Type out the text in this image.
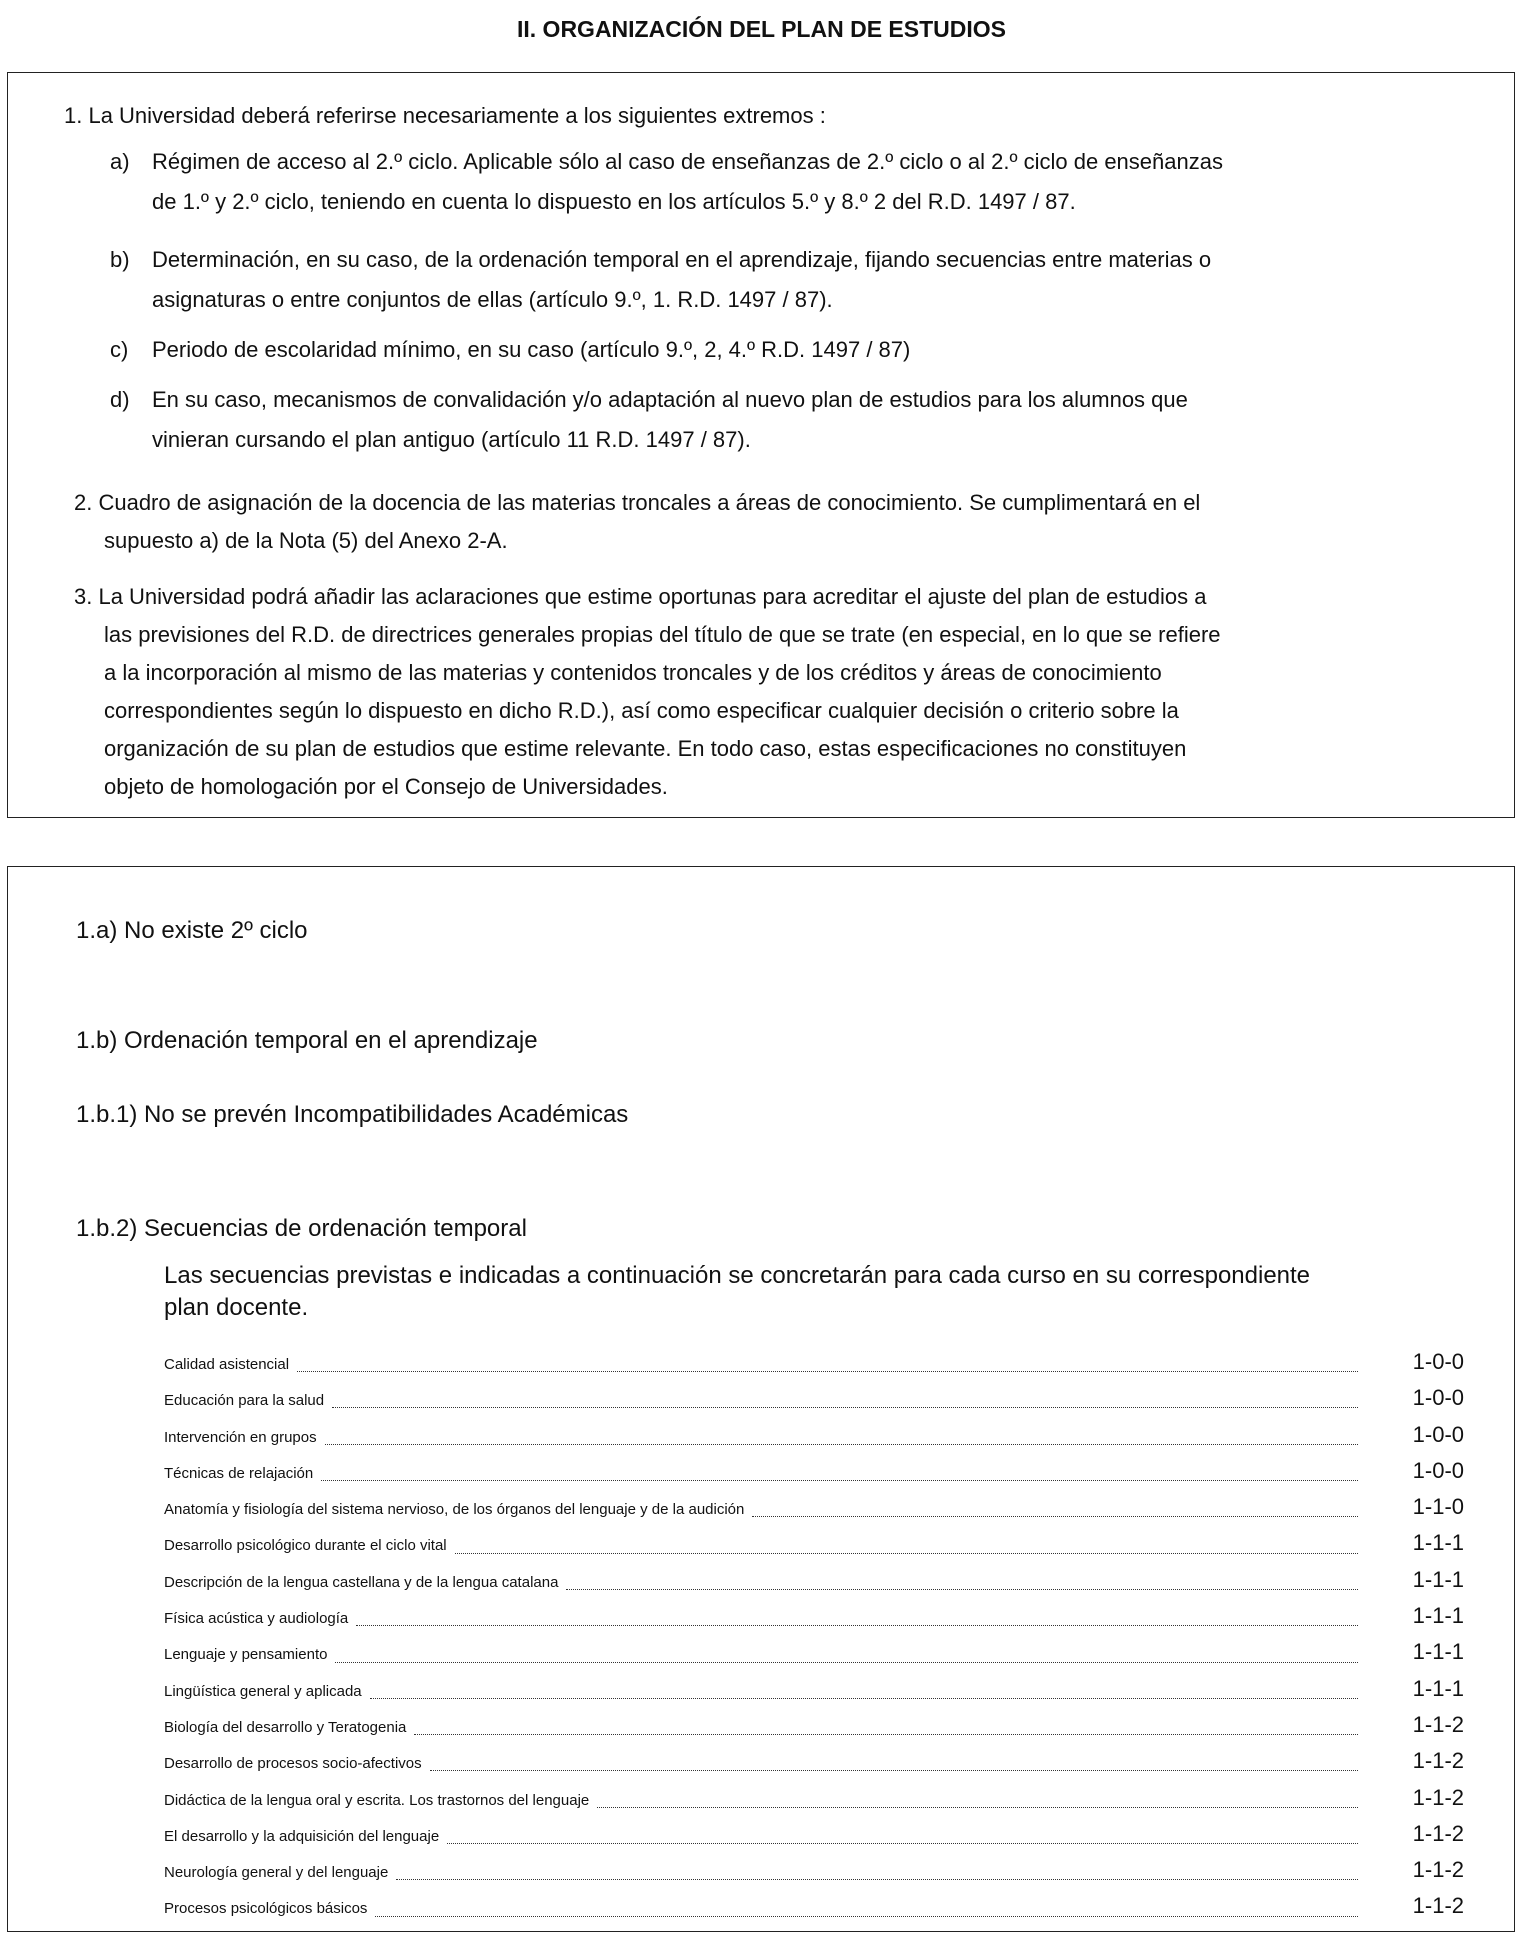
II. ORGANIZACIÓN DEL PLAN DE ESTUDIOS

1. La Universidad deberá referirse necesariamente a los siguientes extremos :

a) Régimen de acceso al 2.º ciclo. Aplicable sólo al caso de enseñanzas de 2.º ciclo o al 2.º ciclo de enseñanzas
de 1.º y 2.º ciclo, teniendo en cuenta lo dispuesto en los artículos 5.º y 8.º 2 del R.D. 1497 / 87.
b) Determinación, en su caso, de la ordenación temporal en el aprendizaje, fijando secuencias entre materias o
asignaturas o entre conjuntos de ellas (artículo 9.º, 1. R.D. 1497 / 87).
c) Periodo de escolaridad mínimo, en su caso (artículo 9.º, 2, 4.º R.D. 1497 / 87)
d) En su caso, mecanismos de convalidación y/o adaptación al nuevo plan de estudios para los alumnos que
vinieran cursando el plan antiguo (artículo 11 R.D. 1497 / 87).
2. Cuadro de asignación de la docencia de las materias troncales a áreas de conocimiento. Se cumplimentará en el
supuesto a) de la Nota (5) del Anexo 2-A.
3. La Universidad podrá añadir las aclaraciones que estime oportunas para acreditar el ajuste del plan de estudios a
las previsiones del R.D. de directrices generales propias del título de que se trate (en especial, en lo que se refiere
a la incorporación al mismo de las materias y contenidos troncales y de los créditos y áreas de conocimiento
correspondientes según lo dispuesto en dicho R.D.), así como especificar cualquier decisión o criterio sobre la
organización de su plan de estudios que estime relevante. En todo caso, estas especificaciones no constituyen
objeto de homologación por el Consejo de Universidades.

1.a) No existe 2º ciclo

1.b) Ordenación temporal en el aprendizaje

1.b.1) No se prevén Incompatibilidades Académicas

1.b.2) Secuencias de ordenación temporal

Las secuencias previstas e indicadas a continuación se concretarán para cada curso en su correspondiente

plan docente.

Calidad asistencial	1-0-0
Educación para la salud	1-0-0
Intervención en grupos	1-0-0
Técnicas de relajación	1-0-0
Anatomía y fisiología del sistema nervioso, de los órganos del lenguaje y de la audición	1-1-0
Desarrollo psicológico durante el ciclo vital	1-1-1
Descripción de la lengua castellana y de la lengua catalana	1-1-1
Física acústica y audiología	1-1-1
Lenguaje y pensamiento	1-1-1
Lingüística general y aplicada	1-1-1
Biología del desarrollo y Teratogenia	1-1-2
Desarrollo de procesos socio-afectivos	1-1-2
Didáctica de la lengua oral y escrita. Los trastornos del lenguaje	1-1-2
El desarrollo y la adquisición del lenguaje	1-1-2
Neurología general y del lenguaje	1-1-2
Procesos psicológicos básicos	1-1-2
